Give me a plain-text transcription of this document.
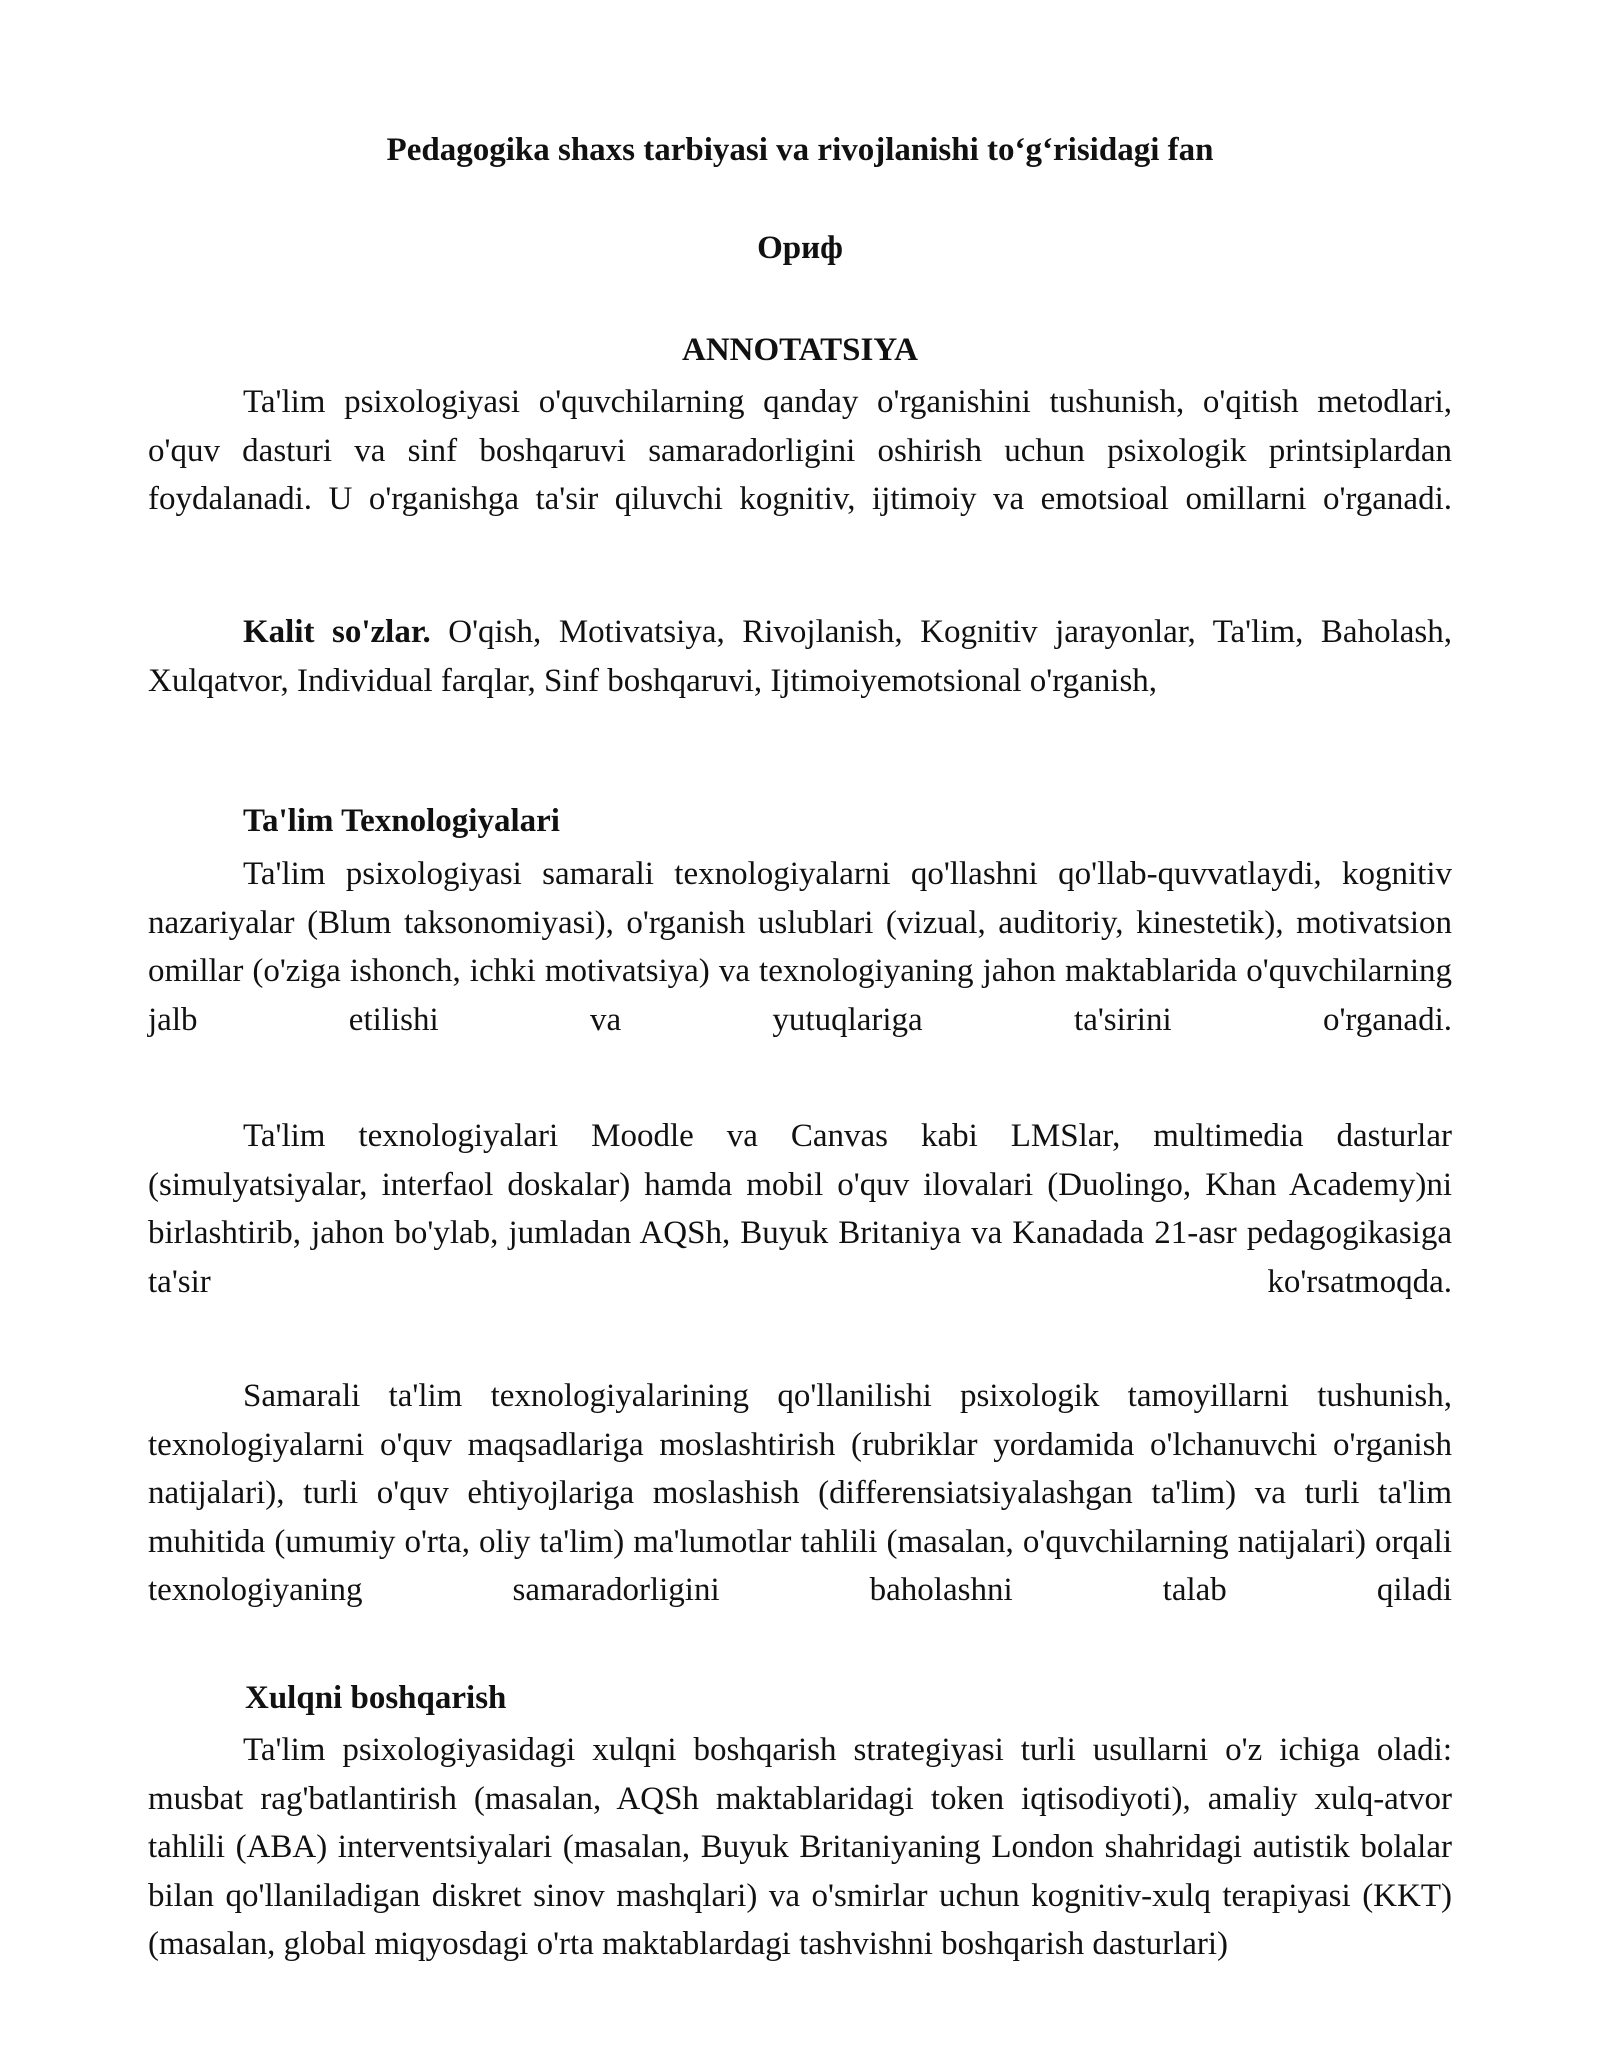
Pedagogika shaxs tarbiyasi va rivojlanishi to‘g‘risidagi fan
Ориф
ANNOTATSIYA

Ta'lim psixologiyasi o'quvchilarning qanday o'rganishini tushunish, o'qitish metodlari, o'quv dasturi va sinf boshqaruvi samaradorligini oshirish uchun psixologik printsiplardan foydalanadi. U o'rganishga ta'sir qiluvchi kognitiv, ijtimoiy va emotsioal omillarni o'rganadi.

Kalit so'zlar. O'qish, Motivatsiya, Rivojlanish, Kognitiv jarayonlar, Ta'lim, Baholash, Xulqatvor, Individual farqlar, Sinf boshqaruvi, Ijtimoiyemotsional o'rganish,

Ta'lim Texnologiyalari

Ta'lim psixologiyasi samarali texnologiyalarni qo'llashni qo'llab-quvvatlaydi, kognitiv nazariyalar (Blum taksonomiyasi), o'rganish uslublari (vizual, auditoriy, kinestetik), motivatsion omillar (o'ziga ishonch, ichki motivatsiya) va texnologiyaning jahon maktablarida o'quvchilarning jalb etilishi va yutuqlariga ta'sirini o'rganadi.

Ta'lim texnologiyalari Moodle va Canvas kabi LMSlar, multimedia dasturlar (simulyatsiyalar, interfaol doskalar) hamda mobil o'quv ilovalari (Duolingo, Khan Academy)ni birlashtirib, jahon bo'ylab, jumladan AQSh, Buyuk Britaniya va Kanadada 21-asr pedagogikasiga ta'sir ko'rsatmoqda.

Samarali ta'lim texnologiyalarining qo'llanilishi psixologik tamoyillarni tushunish, texnologiyalarni o'quv maqsadlariga moslashtirish (rubriklar yordamida o'lchanuvchi o'rganish natijalari), turli o'quv ehtiyojlariga moslashish (differensiatsiyalashgan ta'lim) va turli ta'lim muhitida (umumiy o'rta, oliy ta'lim) ma'lumotlar tahlili (masalan, o'quvchilarning natijalari) orqali texnologiyaning samaradorligini baholashni talab qiladi

Xulqni boshqarish

Ta'lim psixologiyasidagi xulqni boshqarish strategiyasi turli usullarni o'z ichiga oladi: musbat rag'batlantirish (masalan, AQSh maktablaridagi token iqtisodiyoti), amaliy xulq-atvor tahlili (ABA) interventsiyalari (masalan, Buyuk Britaniyaning London shahridagi autistik bolalar bilan qo'llaniladigan diskret sinov mashqlari) va o'smirlar uchun kognitiv-xulq terapiyasi (KKT) (masalan, global miqyosdagi o'rta maktablardagi tashvishni boshqarish dasturlari)
